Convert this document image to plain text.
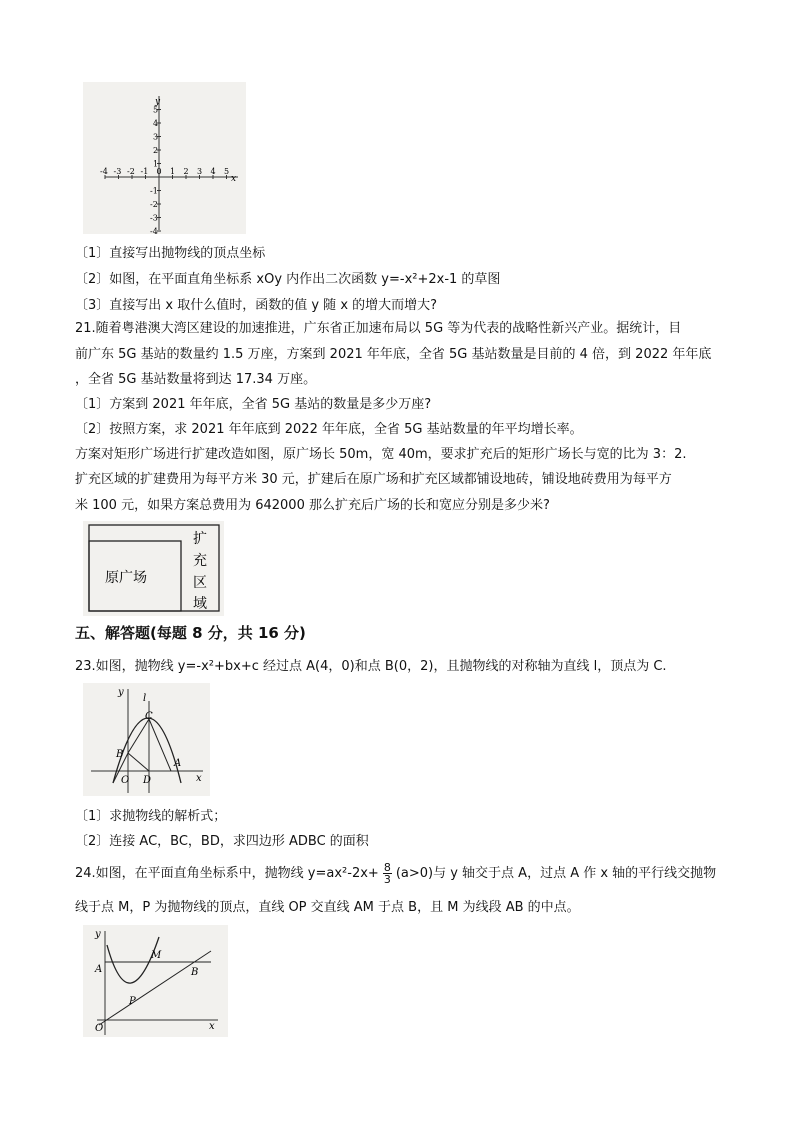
x
y
-4 -3 -2 -1 0 1 2 3 4 5
5
4
3
2
1
-1
-2
-3
-4
〔1〕直接写出抛物线的顶点坐标
〔2〕如图，在平面直角坐标系 xOy 内作出二次函数 y=-x²+2x-1 的草图
〔3〕直接写出 x 取什么值时，函数的值 y 随 x 的增大而增大?
21.随着粤港澳大湾区建设的加速推进，广东省正加速布局以 5G 等为代表的战略性新兴产业。据统计，目
前广东 5G 基站的数量约 1.5 万座，方案到 2021 年年底，全省 5G 基站数量是目前的 4 倍，到 2022 年年底
，全省 5G 基站数量将到达 17.34 万座。
〔1〕方案到 2021 年年底，全省 5G 基站的数量是多少万座?
〔2〕按照方案，求 2021 年年底到 2022 年年底，全省 5G 基站数量的年平均增长率。
方案对矩形广场进行扩建改造如图，原广场长 50m，宽 40m，要求扩充后的矩形广场长与宽的比为 3：2.
扩充区域的扩建费用为每平方米 30 元，扩建后在原广场和扩充区域都铺设地砖，铺设地砖费用为每平方
米 100 元，如果方案总费用为 642000 那么扩充后广场的长和宽应分别是多少米?
原广场
扩
充
区
域
五、解答题(每题 8 分，共 16 分)
23.如图，抛物线 y=-x²+bx+c 经过点 A(4，0)和点 B(0，2)，且抛物线的对称轴为直线 l，顶点为 C.
y
x
l
C
B
O D
A
〔1〕求抛物线的解析式；
〔2〕连接 AC，BC，BD，求四边形 ADBC 的面积
24.如图，在平面直角坐标系中，抛物线 $y=ax^2-2x+ \frac{8}{3} (a>0)$与 y 轴交于点 A，过点 A 作 x 轴的平行线交抛物
线于点 M，P 为抛物线的顶点，直线 OP 交直线 AM 于点 B，且 M 为线段 AB 的中点。
y
x
A
M
B
P
O
